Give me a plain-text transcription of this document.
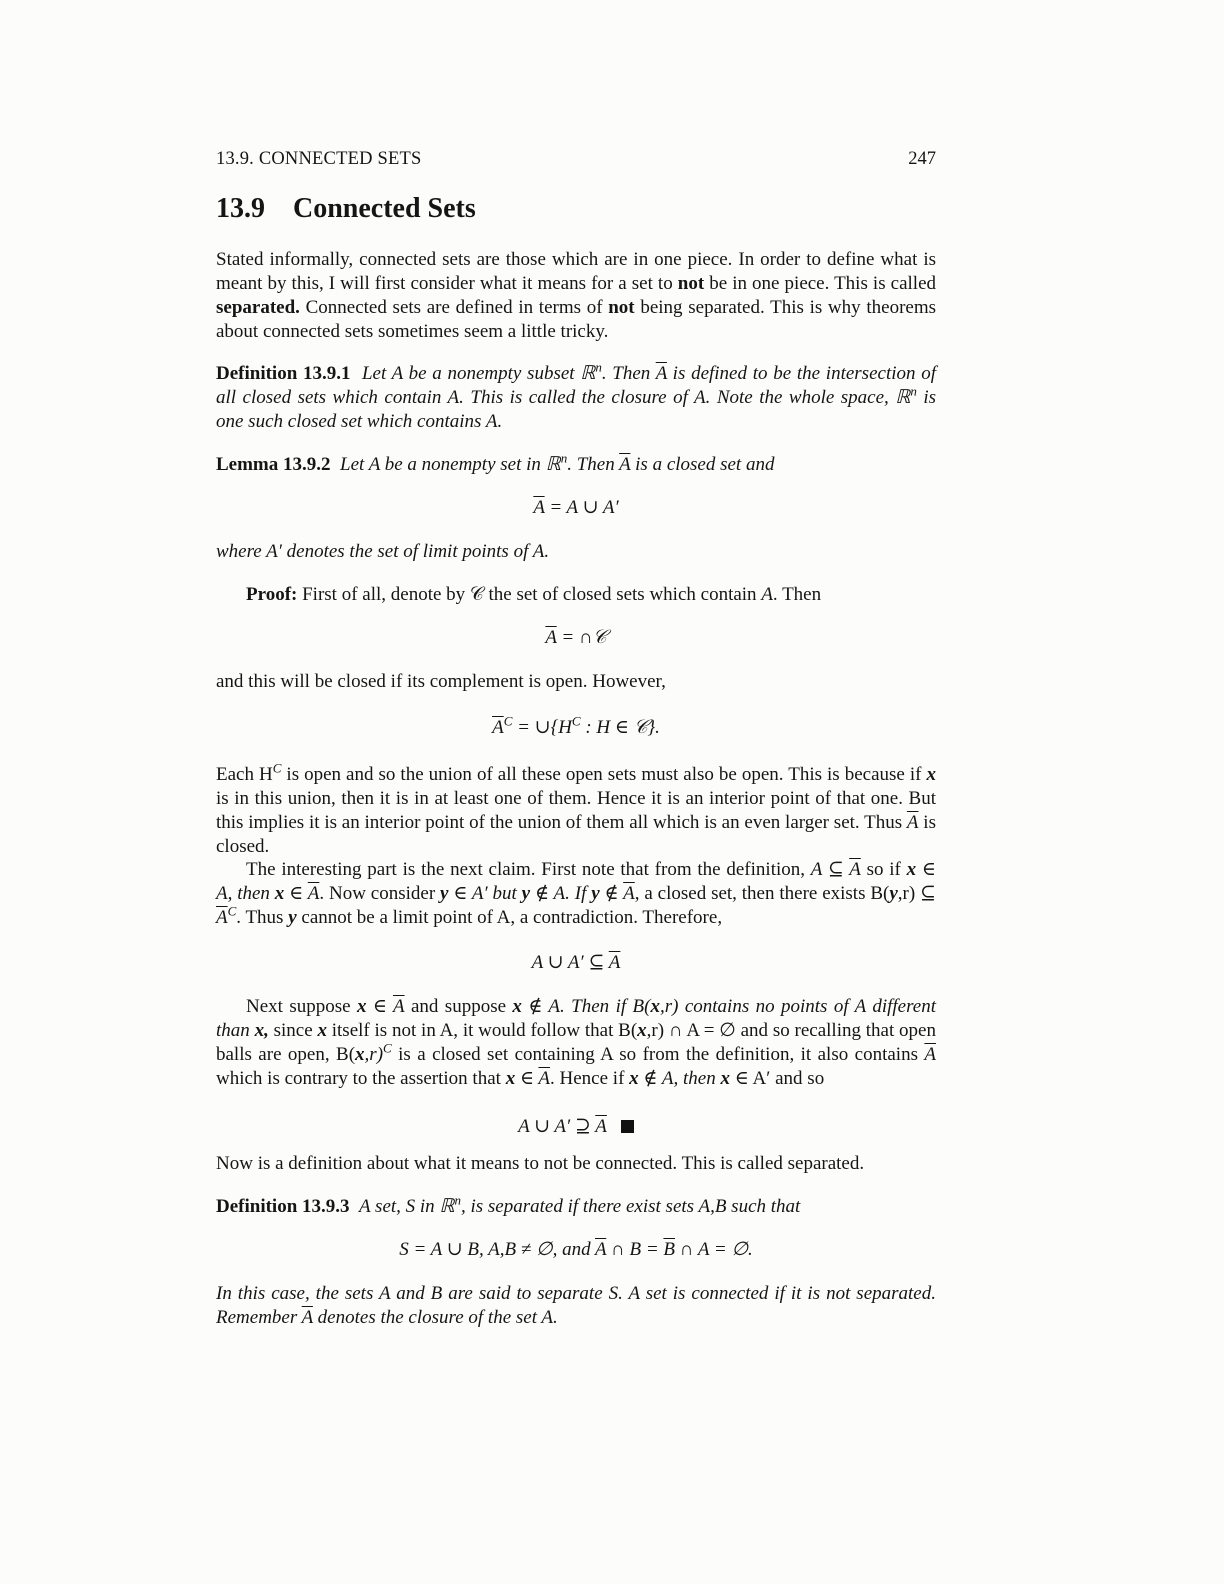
13.9. CONNECTED SETS	247
13.9 Connected Sets

Stated informally, connected sets are those which are in one piece. In order to define what is meant by this, I will first consider what it means for a set to not be in one piece. This is called separated. Connected sets are defined in terms of not being separated. This is why theorems about connected sets sometimes seem a little tricky.

Definition 13.9.1 Let A be a nonempty subset ℝ$^n$. Then $\overline{A}$ is defined to be the intersection of all closed sets which contain A. This is called the closure of A. Note the whole space, ℝ$^n$ is one such closed set which contains A.

Lemma 13.9.2 Let A be a nonempty set in ℝ$^n$. Then $\overline{A}$ is a closed set and

$\overline{A} = A$ ∪ A′

where A′ denotes the set of limit points of A.

Proof: First of all, denote by 𝒞 the set of closed sets which contain A. Then

$\overline{A}$ = ∩𝒞

and this will be closed if its complement is open. However,

$\overline{A}^C$ = $\cup\{H^C$ : H ∈ 𝒞}.

Each $H^C$ is open and so the union of all these open sets must also be open. This is because if x is in this union, then it is in at least one of them. Hence it is an interior point of that one. But this implies it is an interior point of the union of them all which is an even larger set. Thus $\overline{A}$ is closed.

The interesting part is the next claim. First note that from the definition, A ⊆ $\overline{A}$ so if x ∈ A, then x ∈ $\overline{A}$. Now consider y ∈ A′ but y ∉ A. If y ∉ $\overline{A}$, a closed set, then there exists B(y,r) ⊆ $\overline{A}^C$. Thus y cannot be a limit point of A, a contradiction. Therefore,

A ∪ A′ ⊆ $\overline{A}$

Next suppose x ∈ $\overline{A}$ and suppose x ∉ A. Then if B(x,r) contains no points of A different than x, since x itself is not in A, it would follow that B(x,r) ∩ A = ∅ and so recalling that open balls are open, $B(x,r)^C$ is a closed set containing A so from the definition, it also contains $\overline{A}$ which is contrary to the assertion that x ∈ $\overline{A}$. Hence if x ∉ A, then x ∈ A′ and so

A ∪ A′ ⊇ $\overline{A}$

Now is a definition about what it means to not be connected. This is called separated.

Definition 13.9.3 A set, S in ℝ$^n$, is separated if there exist sets A,B such that

S = A ∪ B, A,B ≠ ∅, and $\overline{A}$ ∩ $B = \overline{B}$ ∩ A = ∅.

In this case, the sets A and B are said to separate S. A set is connected if it is not separated. Remember $\overline{A}$ denotes the closure of the set A.
